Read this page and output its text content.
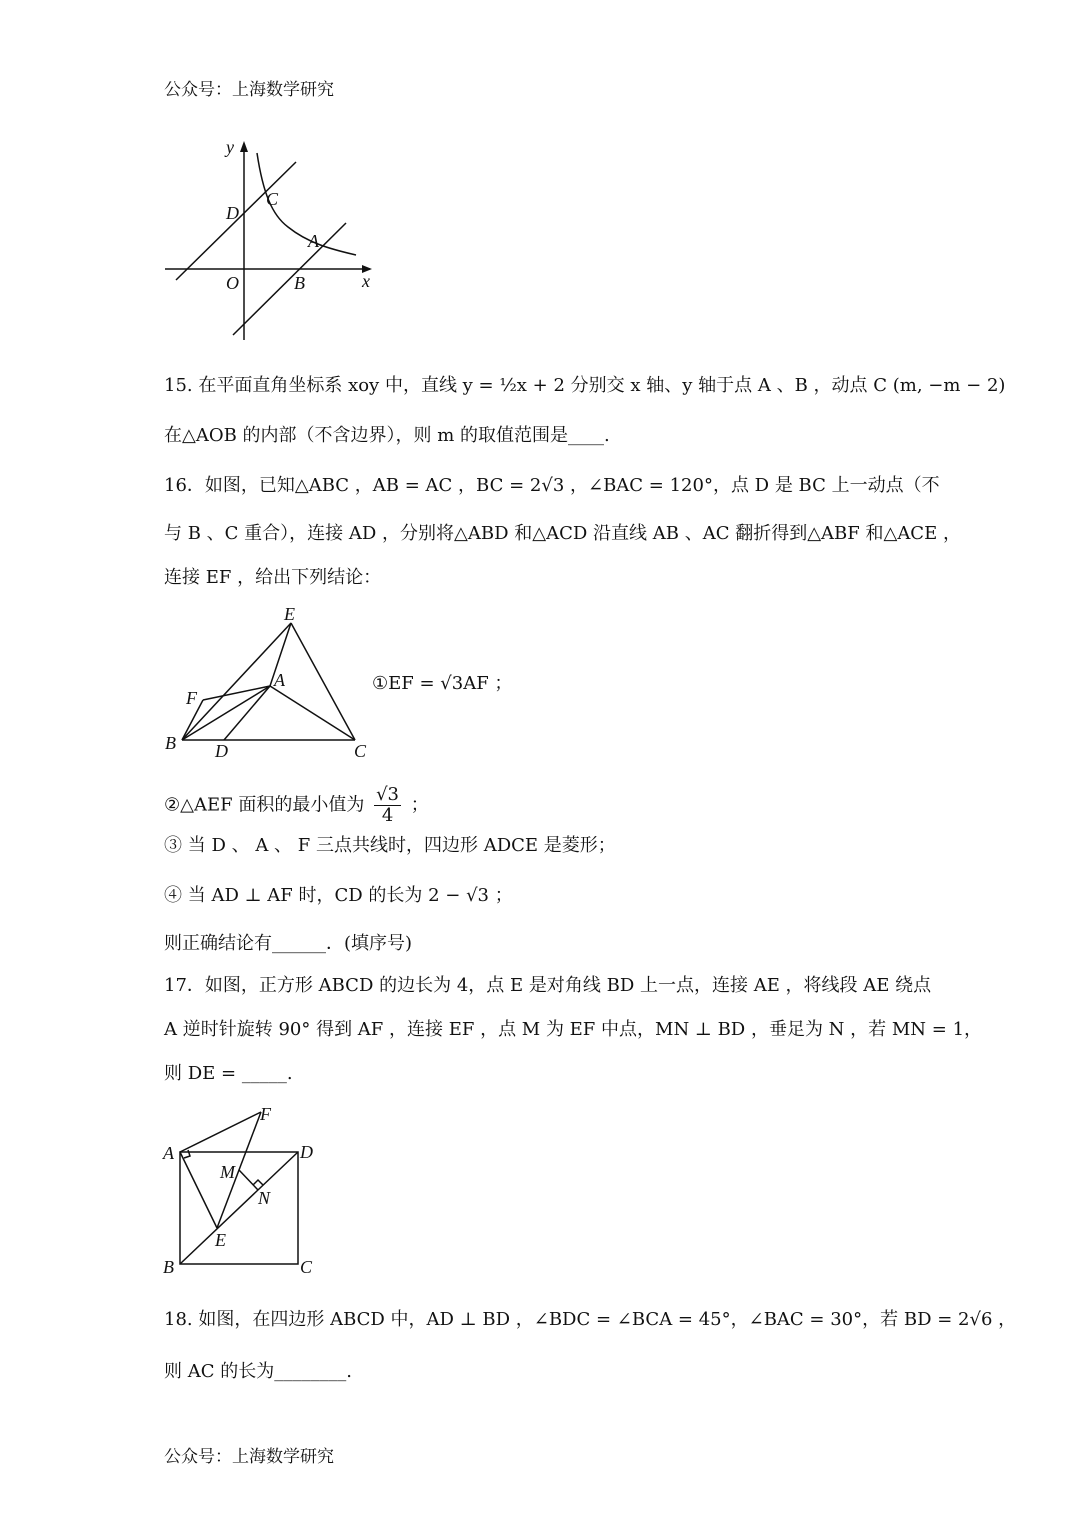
公众号：上海数学研究
y
x
O
D
C
A
B
15. 在平面直角坐标系 xoy 中，直线 y = ½x + 2 分别交 x 轴、y 轴于点 A 、B ，动点 C (m, −m − 2)
在△AOB 的内部（不含边界），则 m 的取值范围是____.
16．如图，已知△ABC ，AB = AC ，BC = 2√3 ，∠BAC = 120°，点 D 是 BC 上一动点（不
与 B 、C 重合），连接 AD ，分别将△ABD 和△ACD 沿直线 AB 、AC 翻折得到△ABF 和△ACE ，
连接 EF ，给出下列结论：
E
A
F
B D	C
①EF = √3AF ；
②△AEF 面积的最小值为 $\frac{√3}{4}$ ；
③ 当 D 、 A 、 F 三点共线时，四边形 ADCE 是菱形；
④ 当 AD ⊥ AF 时，CD 的长为 2 − √3 ；
则正确结论有______．(填序号)
17．如图，正方形 ABCD 的边长为 4，点 E 是对角线 BD 上一点，连接 AE ，将线段 AE 绕点
A 逆时针旋转 90° 得到 AF ，连接 EF ，点 M 为 EF 中点，MN ⊥ BD ，垂足为 N ，若 MN = 1，
则 DE = _____.
A	D
F
M
N
E
B	C
18. 如图，在四边形 ABCD 中，AD ⊥ BD ，∠BDC = ∠BCA = 45°，∠BAC = 30°，若 BD = 2√6 ，
则 AC 的长为________.
公众号：上海数学研究
